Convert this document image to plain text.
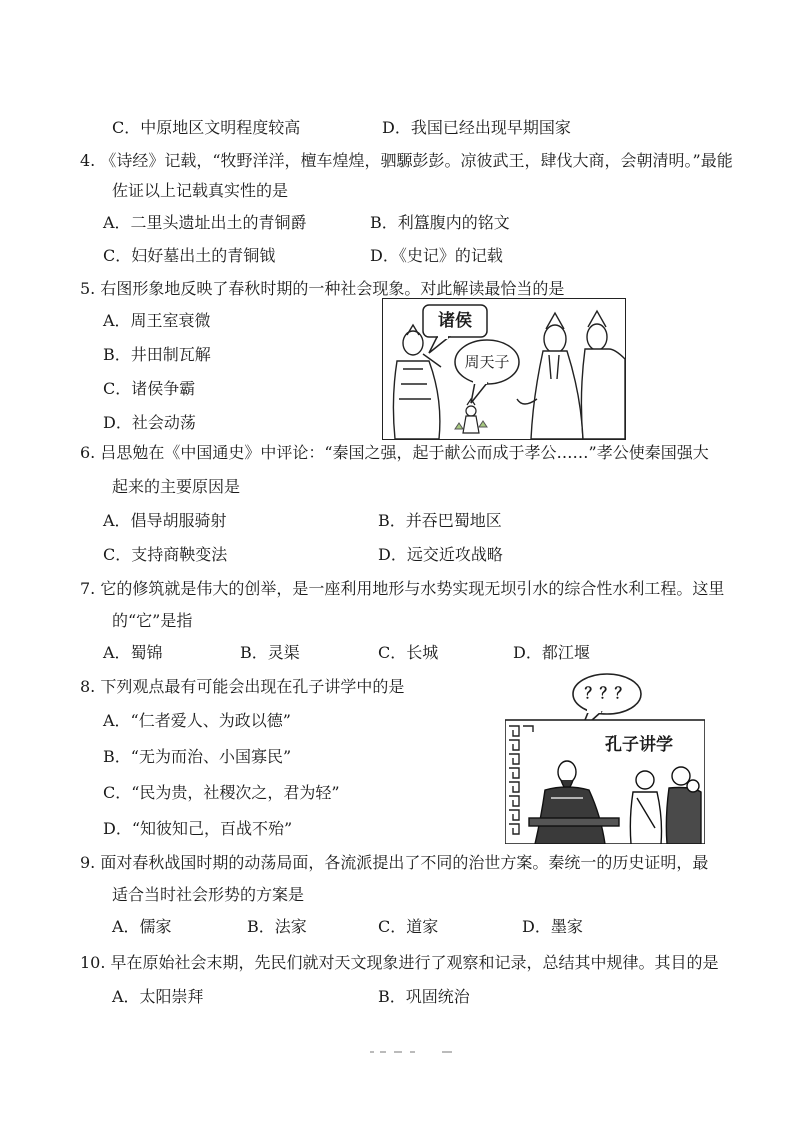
C．中原地区文明程度较高	D．我国已经出现早期国家
4. 《诗经》记载，“牧野洋洋，檀车煌煌，驷騵彭彭。凉彼武王，肆伐大商，会朝清明。”最能
佐证以上记载真实性的是
A．二里头遗址出土的青铜爵	B．利簋腹内的铭文
C．妇好墓出土的青铜钺	D．《史记》的记载
5. 右图形象地反映了春秋时期的一种社会现象。对此解读最恰当的是
A．周王室衰微
B．井田制瓦解
C．诸侯争霸
D．社会动荡
诸侯
周天子
6. 吕思勉在《中国通史》中评论：“秦国之强，起于献公而成于孝公……”孝公使秦国强大
起来的主要原因是
A．倡导胡服骑射	B．并吞巴蜀地区
C．支持商鞅变法	D．远交近攻战略
7. 它的修筑就是伟大的创举，是一座利用地形与水势实现无坝引水的综合性水利工程。这里
的“它”是指
A．蜀锦	B．灵渠	C．长城	D．都江堰
8. 下列观点最有可能会出现在孔子讲学中的是
A．“仁者爱人、为政以德”
B．“无为而治、小国寡民”
C．“民为贵，社稷次之，君为轻”
D．“知彼知己，百战不殆”
？？？
孔子讲学
9. 面对春秋战国时期的动荡局面，各流派提出了不同的治世方案。秦统一的历史证明，最
适合当时社会形势的方案是
A．儒家	B．法家	C．道家	D．墨家
10. 早在原始社会末期，先民们就对天文现象进行了观察和记录，总结其中规律。其目的是
A．太阳崇拜	B．巩固统治
